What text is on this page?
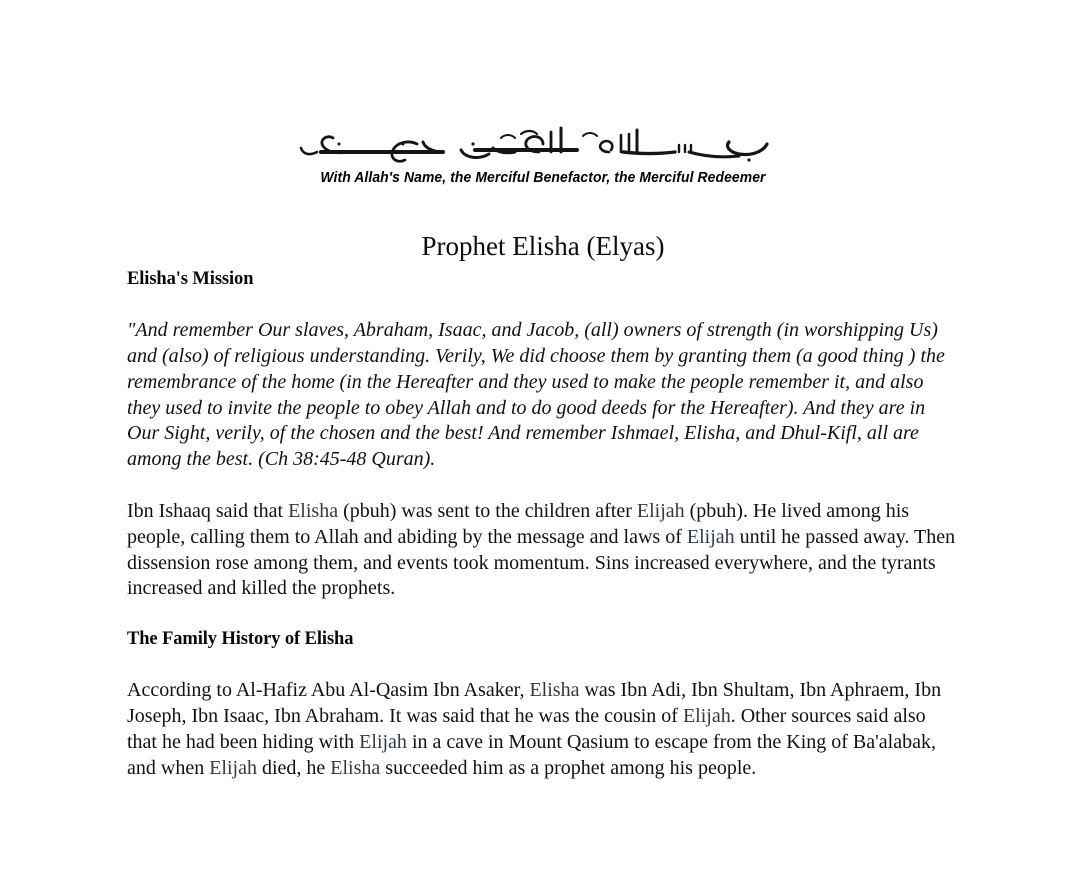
With Allah's Name, the Merciful Benefactor, the Merciful Redeemer
Prophet Elisha (Elyas)
Elisha's Mission

"And remember Our slaves, Abraham, Isaac, and Jacob, (all) owners of strength (in worshipping Us) and (also) of religious understanding. Verily, We did choose them by granting them (a good thing ) the remembrance of the home (in the Hereafter and they used to make the people remember it, and also they used to invite the people to obey Allah and to do good deeds for the Hereafter). And they are in Our Sight, verily, of the chosen and the best! And remember Ishmael, Elisha, and Dhul-Kifl, all are among the best. (Ch 38:45-48 Quran).

Ibn Ishaaq said that Elisha (pbuh) was sent to the children after Elijah (pbuh). He lived among his people, calling them to Allah and abiding by the message and laws of Elijah until he passed away. Then dissension rose among them, and events took momentum. Sins increased everywhere, and the tyrants increased and killed the prophets.

The Family History of Elisha

According to Al-Hafiz Abu Al-Qasim Ibn Asaker, Elisha was Ibn Adi, Ibn Shultam, Ibn Aphraem, Ibn Joseph, Ibn Isaac, Ibn Abraham. It was said that he was the cousin of Elijah. Other sources said also that he had been hiding with Elijah in a cave in Mount Qasium to escape from the King of Ba'alabak, and when Elijah died, he Elisha succeeded him as a prophet among his people.
